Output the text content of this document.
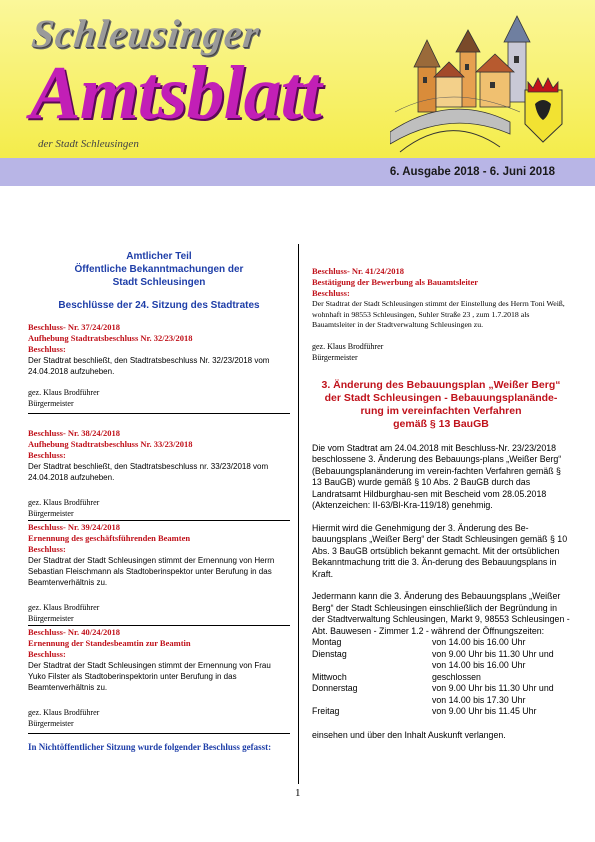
Schleusinger
Amtsblatt
der Stadt Schleusingen
6. Ausgabe 2018 - 6. Juni 2018

Amtlicher Teil

Öffentliche Bekanntmachungen der

Stadt Schleusingen

Beschlüsse der 24. Sitzung des Stadtrates

Beschluss- Nr. 37/24/2018
Aufhebung Stadtratsbeschluss Nr. 32/23/2018
Beschluss:
Der Stadtrat beschließt, den Stadtratsbeschluss Nr. 32/23/2018 vom 24.04.2018 aufzuheben.
gez. Klaus Brodführer
Bürgermeister
Beschluss- Nr. 38/24/2018
Aufhebung Stadtratsbeschluss Nr. 33/23/2018
Beschluss:
Der Stadtrat beschließt, den Stadtratsbeschluss nr. 33/23/2018 vom 24.04.2018 aufzuheben.
gez. Klaus Brodführer
Bürgermeister
Beschluss- Nr. 39/24/2018
Ernennung des geschäftsführenden Beamten
Beschluss:
Der Stadtrat der Stadt Schleusingen stimmt der Ernennung von Herrn Sebastian Fleischmann als Stadtoberinspektor unter Berufung in das Beamtenverhältnis zu.
gez. Klaus Brodführer
Bürgermeister
Beschluss- Nr. 40/24/2018
Ernennung der Standesbeamtin zur Beamtin
Beschluss:
Der Stadtrat der Stadt Schleusingen stimmt der Ernennung von Frau Yuko Filster als Stadtoberinspektorin unter Berufung in das Beamtenverhältnis zu.
gez. Klaus Brodführer
Bürgermeister
In Nichtöffentlicher Sitzung wurde folgender Beschluss gefasst:
Beschluss- Nr. 41/24/2018
Bestätigung der Bewerbung als Bauamtsleiter
Beschluss:
Der Stadtrat der Stadt Schleusingen stimmt der Einstellung des Herrn Toni Weiß, wohnhaft in 98553 Schleusingen, Suhler Straße 23 , zum 1.7.2018 als Bauamtsleiter in der Stadtverwaltung Schleusingen zu.
gez. Klaus Brodführer
Bürgermeister
3. Änderung des Bebauungsplan „Weißer Berg“
der Stadt Schleusingen - Bebauungsplanände-
rung im vereinfachten Verfahren
gemäß § 13 BauGB
Die vom Stadtrat am 24.04.2018 mit Beschluss-Nr. 23/23/2018 beschlossene 3. Änderung des Bebauungs-plans „Weißer Berg“ (Bebauungsplanänderung im verein-fachten Verfahren gemäß § 13 BauGB) wurde gemäß § 10 Abs. 2 BauGB durch das Landratsamt Hildburghau-sen mit Bescheid vom 28.05.2018 (Aktenzeichen: II-63/Bl-Kra-119/18) genehmig.
Hiermit wird die Genehmigung der 3. Änderung des Be-bauungsplans „Weißer Berg“ der Stadt Schleusingen gemäß § 10 Abs. 3 BauGB ortsüblich bekannt gemacht. Mit der ortsüblichen Bekanntmachung tritt die 3. Än-derung des Bebauungsplans in Kraft.
Jedermann kann die 3. Änderung des Bebauungsplans „Weißer Berg“ der Stadt Schleusingen einschließlich der Begründung in der Stadtverwaltung Schleusingen, Markt 9, 98553 Schleusingen - Abt. Bauwesen - Zimmer 1.2 - während der Öffnungszeiten:
Montag	von 14.00 bis 16.00 Uhr
Dienstag	von 9.00 Uhr bis 11.30 Uhr und
	von 14.00 bis 16.00 Uhr
Mittwoch	geschlossen
Donnerstag	von 9.00 Uhr bis 11.30 Uhr und
	von 14.00 bis 17.30 Uhr
Freitag	von 9.00 Uhr bis 11.45 Uhr
einsehen und über den Inhalt Auskunft verlangen.
1
